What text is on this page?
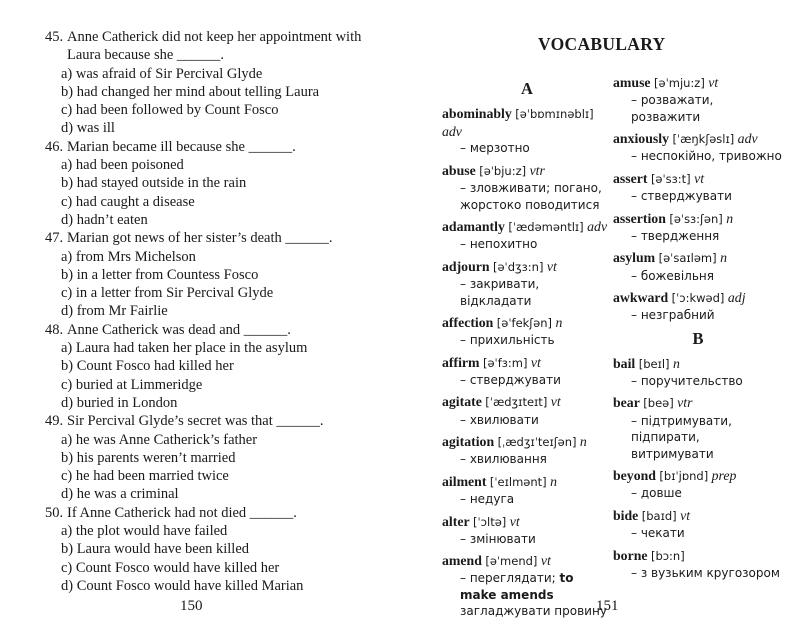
45. Anne Catherick did not keep her appointment with Laura because she ______.
a) was afraid of Sir Percival Glyde
b) had changed her mind about telling Laura
c) had been followed by Count Fosco
d) was ill
46. Marian became ill because she ______.
a) had been poisoned
b) had stayed outside in the rain
c) had caught a disease
d) hadn’t eaten
47. Marian got news of her sister’s death ______.
a) from Mrs Michelson
b) in a letter from Countess Fosco
c) in a letter from Sir Percival Glyde
d) from Mr Fairlie
48. Anne Catherick was dead and ______.
a) Laura had taken her place in the asylum
b) Count Fosco had killed her
c) buried at Limmeridge
d) buried in London
49. Sir Percival Glyde’s secret was that ______.
a) he was Anne Catherick’s father
b) his parents weren’t married
c) he had been married twice
d) he was a criminal
50. If Anne Catherick had not died ______.
a) the plot would have failed
b) Laura would have been killed
c) Count Fosco would have killed her
d) Count Fosco would have killed Marian
150
VOCABULARY
A
abominably [əˈbɒmɪnəblɪ] adv
– мерзотно
abuse [əˈbju:z] vtr
– зловживати; погано, жорстоко поводитися
adamantly [ˈædəməntlɪ] adv
– непохитно
adjourn [əˈdʒɜ:n] vt
– закривати, відкладати
affection [əˈfekʃən] n
– прихильність
affirm [əˈfɜ:m] vt
– стверджувати
agitate [ˈædʒɪteɪt] vt
– хвилювати
agitation [ˌædʒɪˈteɪʃən] n
– хвилювання
ailment [ˈeɪlmənt] n
– недуга
alter [ˈɔltə] vt
– змінювати
amend [əˈmend] vt
– переглядати; to make amends загладжувати провину
amuse [əˈmju:z] vt
– розважати, розважити
anxiously [ˈæŋkʃəslɪ] adv
– неспокійно, тривожно
assert [əˈsɜ:t] vt
– стверджувати
assertion [əˈsɜ:ʃən] n
– твердження
asylum [əˈsaɪləm] n
– божевільня
awkward [ˈɔ:kwəd] adj
– незграбний
B
bail [beɪl] n
– поручительство
bear [beə] vtr
– підтримувати, підпирати, витримувати
beyond [bɪˈjɒnd] prep
– довше
bide [baɪd] vt
– чекати
borne [bɔ:n]
– з вузьким кругозором
151
